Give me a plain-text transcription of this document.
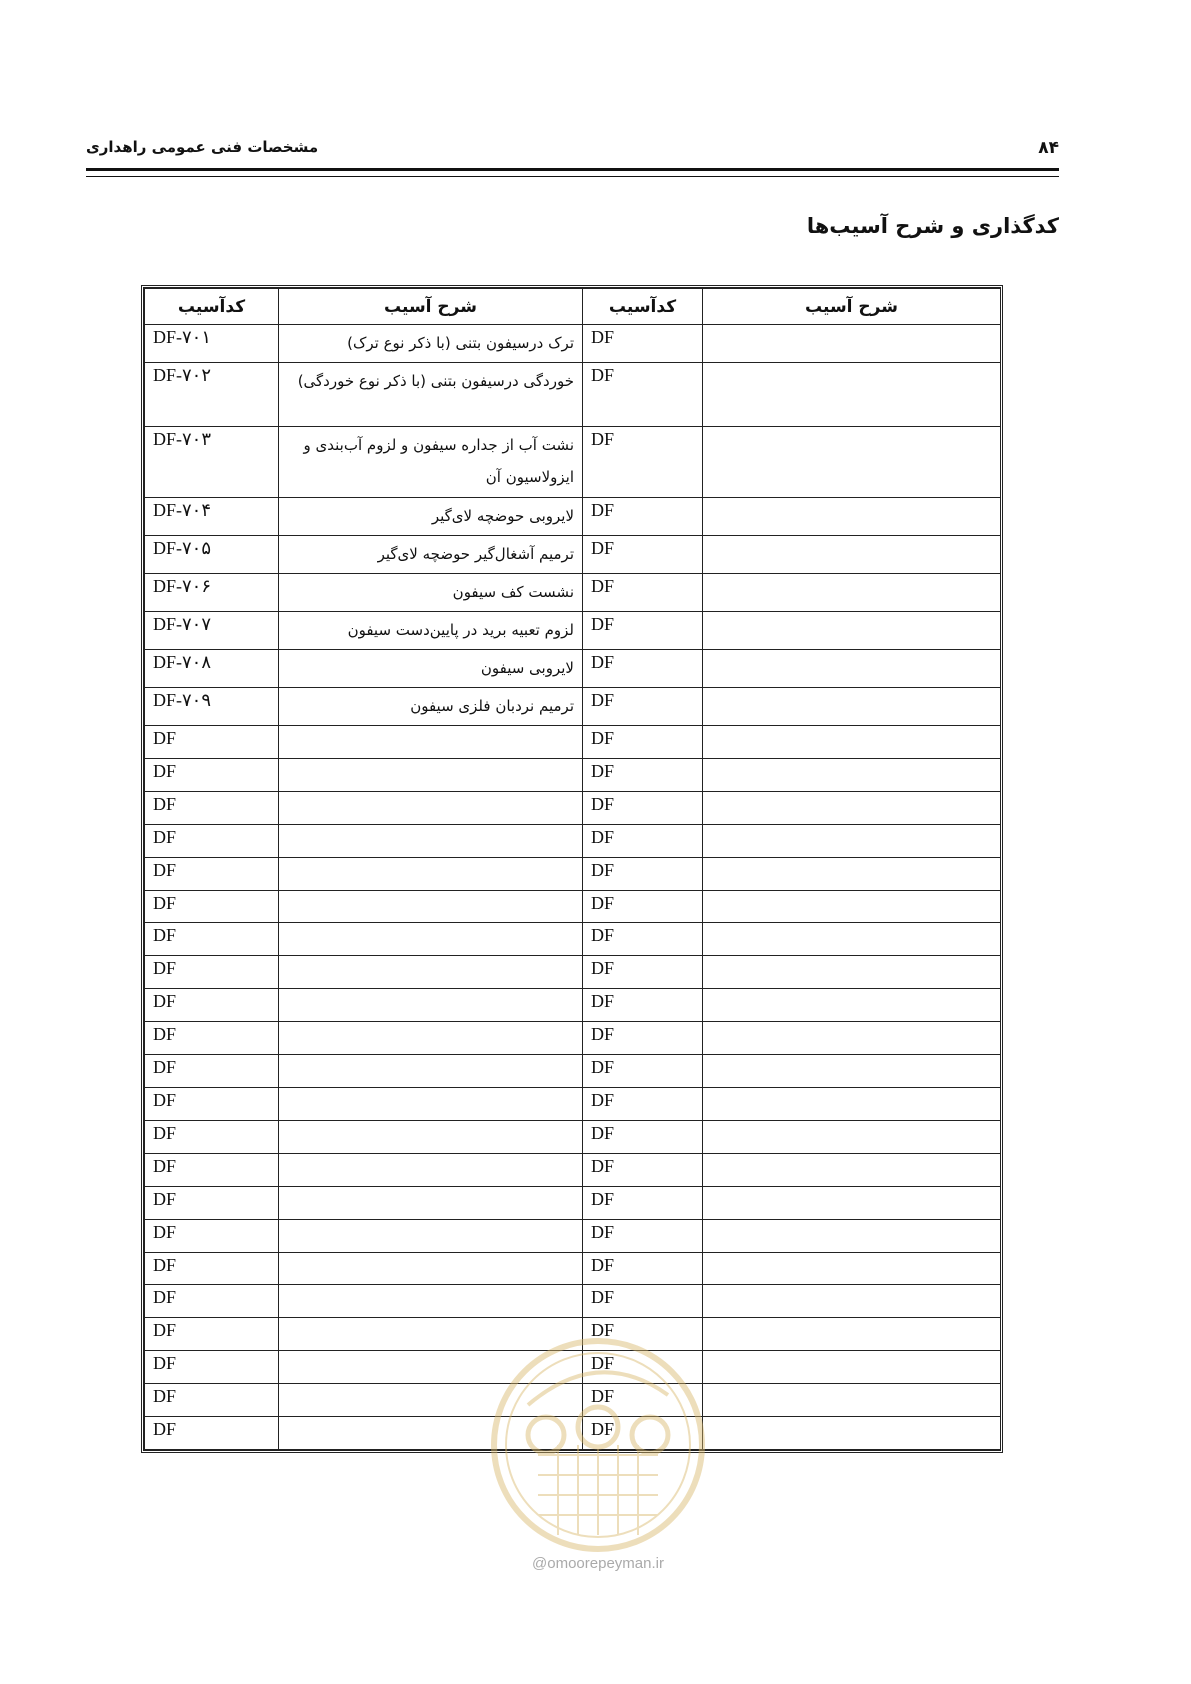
مشخصات فنی عمومی راهداری	۸۴
کدگذاری و شرح آسیب‌ها
شرح آسیب	کدآسیب	شرح آسیب	کدآسیب
	DF	ترک درسیفون بتنی (با ذکر نوع ترک)	DF-۷۰۱
	DF	خوردگی درسیفون بتنی (با ذکر نوع خوردگی)	DF-۷۰۲
	DF	نشت آب از جداره سیفون و لزوم آب‌بندی و ایزولاسیون آن	DF-۷۰۳
	DF	لایروبی حوضچه لای‌گیر	DF-۷۰۴
	DF	ترمیم آشغال‌گیر حوضچه لای‌گیر	DF-۷۰۵
	DF	نشست کف سیفون	DF-۷۰۶
	DF	لزوم تعبیه برید در پایین‌دست سیفون	DF-۷۰۷
	DF	لایروبی سیفون	DF-۷۰۸
	DF	ترمیم نردبان فلزی سیفون	DF-۷۰۹
	DF		DF
	DF		DF
	DF		DF
	DF		DF
	DF		DF
	DF		DF
	DF		DF
	DF		DF
	DF		DF
	DF		DF
	DF		DF
	DF		DF
	DF		DF
	DF		DF
	DF		DF
	DF		DF
	DF		DF
	DF		DF
	DF		DF
	DF		DF
	DF		DF
	DF		DF
@omoorepeyman.ir
